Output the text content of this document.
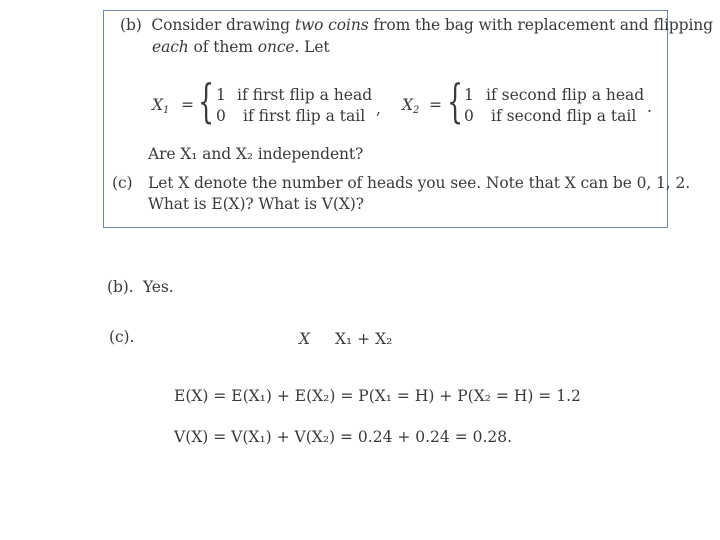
(b) Consider drawing two coins from the bag with replacement and flipping
each of them once. Let
$X_1$ = { 1 if first flip a head
0 if first flip a tail , $X_2$ = { 1 if second flip a head
0 if second flip a tail .
Are X₁ and X₂ independent?
(c) Let X denote the number of heads you see. Note that X can be 0, 1, 2.
What is E(X)? What is V(X)?
(b). Yes.
(c).	X X₁ + X₂
E(X) = E(X₁) + E(X₂) = P(X₁ = H) + P(X₂ = H) = 1.2
V(X) = V(X₁) + V(X₂) = 0.24 + 0.24 = 0.28.
